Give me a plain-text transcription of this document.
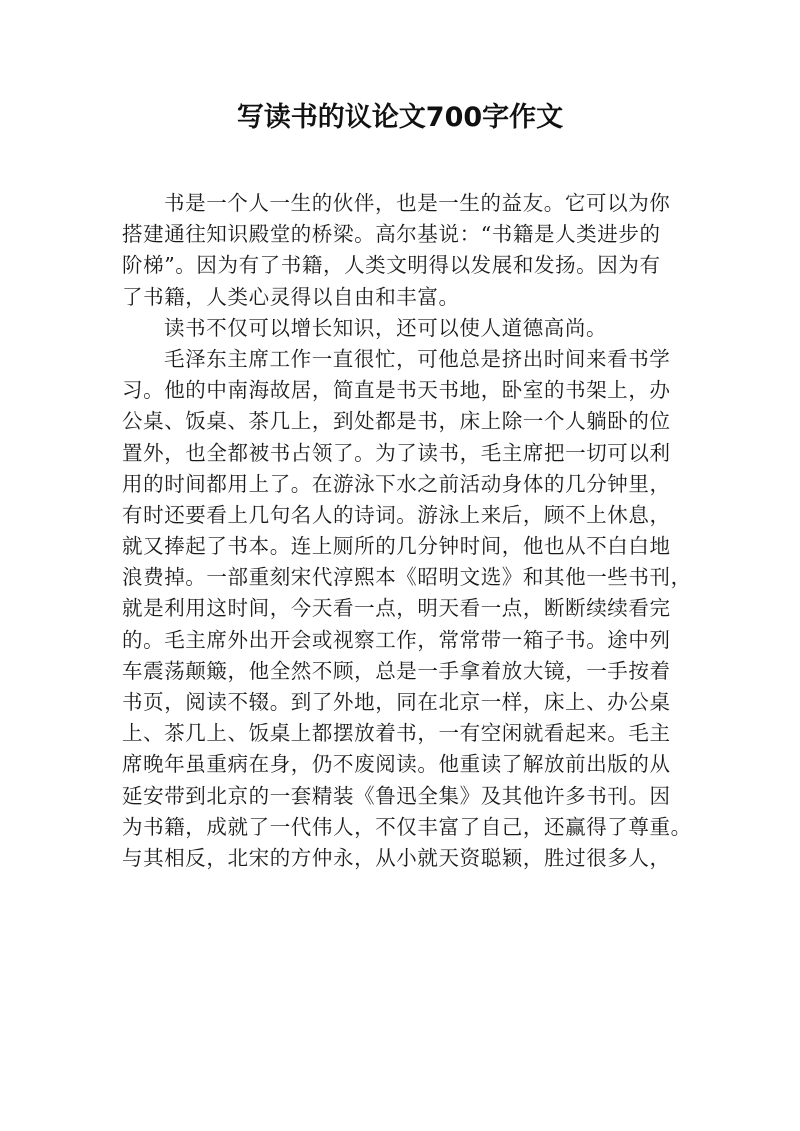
写读书的议论文700字作文
书是一个人一生的伙伴，也是一生的益友。它可以为你
搭建通往知识殿堂的桥梁。高尔基说：“书籍是人类进步的
阶梯”。因为有了书籍，人类文明得以发展和发扬。因为有
了书籍，人类心灵得以自由和丰富。
读书不仅可以增长知识，还可以使人道德高尚。
毛泽东主席工作一直很忙，可他总是挤出时间来看书学
习。他的中南海故居，简直是书天书地，卧室的书架上，办
公桌、饭桌、茶几上，到处都是书，床上除一个人躺卧的位
置外，也全都被书占领了。为了读书，毛主席把一切可以利
用的时间都用上了。在游泳下水之前活动身体的几分钟里，
有时还要看上几句名人的诗词。游泳上来后，顾不上休息，
就又捧起了书本。连上厕所的几分钟时间，他也从不白白地
浪费掉。一部重刻宋代淳熙本《昭明文选》和其他一些书刊，
就是利用这时间，今天看一点，明天看一点，断断续续看完
的。毛主席外出开会或视察工作，常常带一箱子书。途中列
车震荡颠簸，他全然不顾，总是一手拿着放大镜，一手按着
书页，阅读不辍。到了外地，同在北京一样，床上、办公桌
上、茶几上、饭桌上都摆放着书，一有空闲就看起来。毛主
席晚年虽重病在身，仍不废阅读。他重读了解放前出版的从
延安带到北京的一套精装《鲁迅全集》及其他许多书刊。因
为书籍，成就了一代伟人，不仅丰富了自己，还赢得了尊重。
与其相反，北宋的方仲永，从小就天资聪颖，胜过很多人，
